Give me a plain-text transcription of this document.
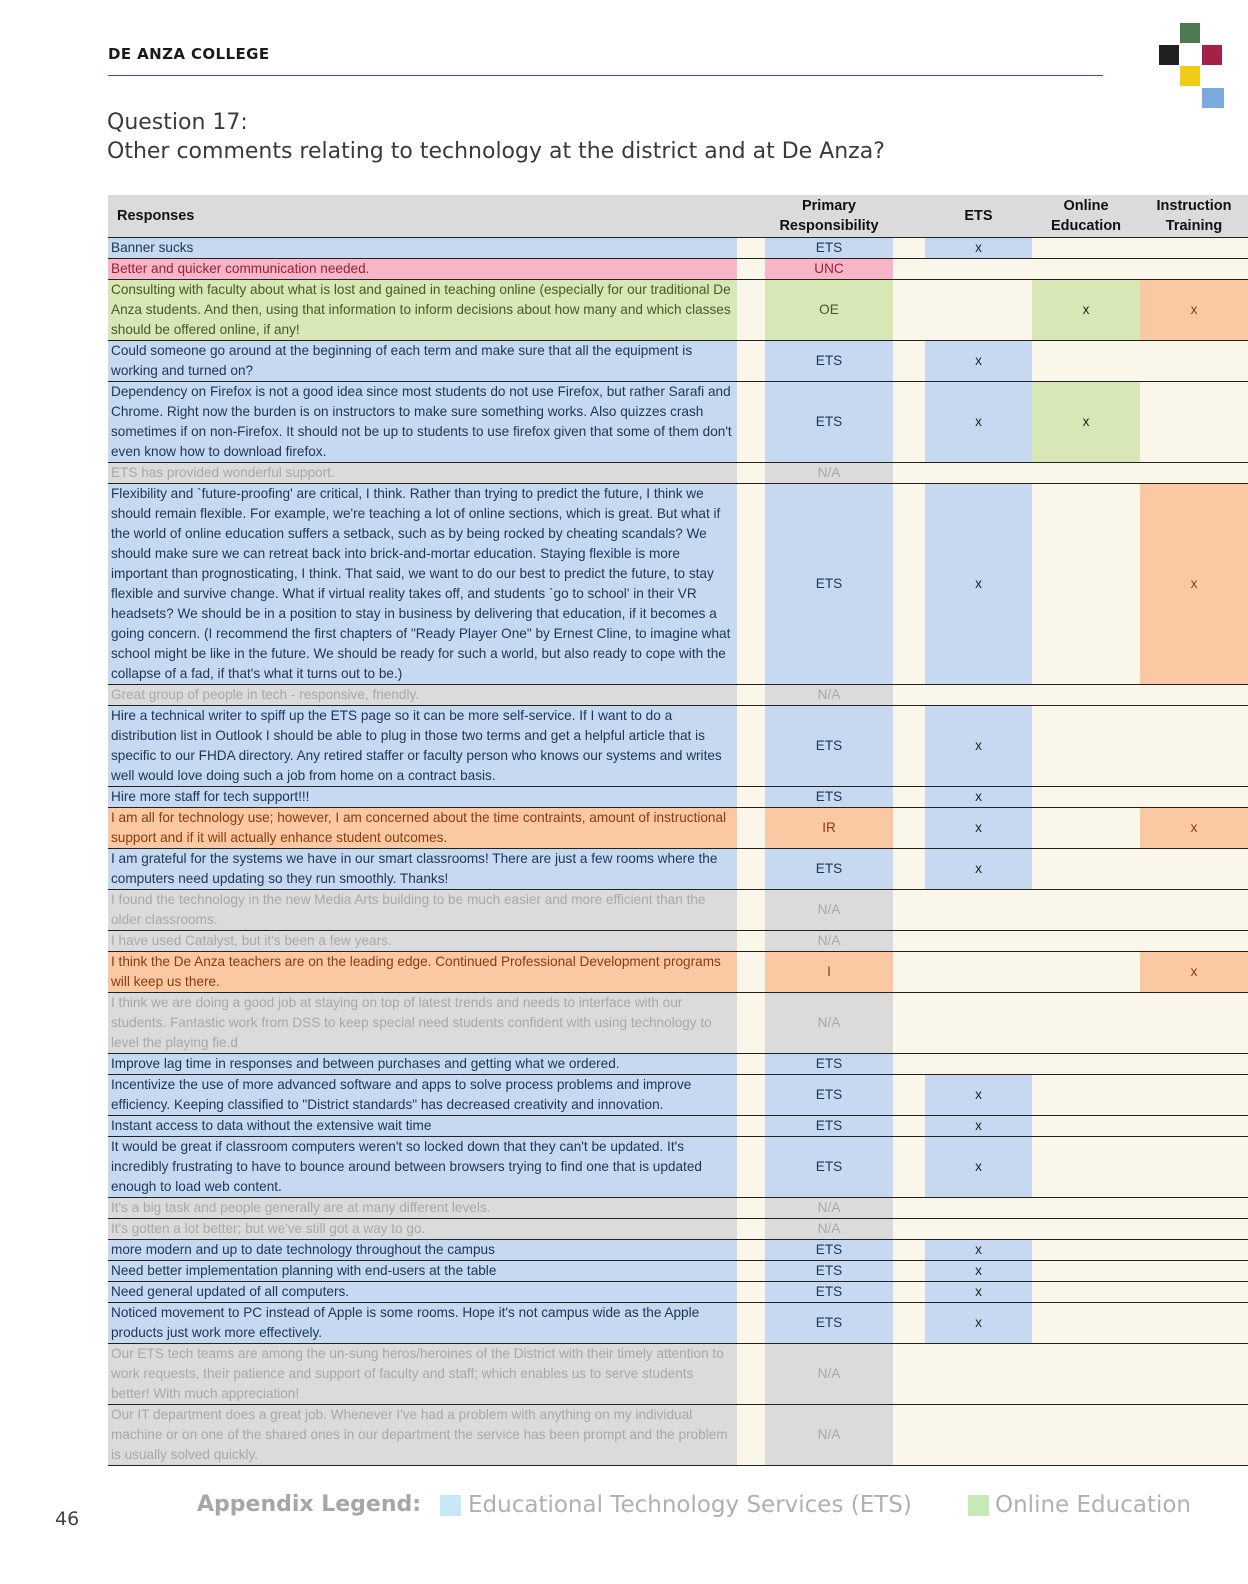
DE ANZA COLLEGE
Question 17:
Other comments relating to technology at the district and at De Anza?
Responses		Primary Responsibility		ETS	Online Education	Instruction Training
Banner sucks		ETS		x		
Better and quicker communication needed.		UNC				
Consulting with faculty about what is lost and gained in teaching online (especially for our traditional De Anza students. And then, using that information to inform decisions about how many and which classes should be offered online, if any!		OE			x	x
Could someone go around at the beginning of each term and make sure that all the equipment is working and turned on?		ETS		x		
Dependency on Firefox is not a good idea since most students do not use Firefox, but rather Sarafi and Chrome. Right now the burden is on instructors to make sure something works. Also quizzes crash sometimes if on non-Firefox. It should not be up to students to use firefox given that some of them don't even know how to download firefox.		ETS		x	x	
ETS has provided wonderful support.		N/A				
Flexibility and `future-proofing' are critical, I think. Rather than trying to predict the future, I think we should remain flexible. For example, we're teaching a lot of online sections, which is great. But what if the world of online education suffers a setback, such as by being rocked by cheating scandals? We should make sure we can retreat back into brick-and-mortar education. Staying flexible is more important than prognosticating, I think. That said, we want to do our best to predict the future, to stay flexible and survive change. What if virtual reality takes off, and students `go to school' in their VR headsets? We should be in a position to stay in business by delivering that education, if it becomes a going concern. (I recommend the first chapters of "Ready Player One" by Ernest Cline, to imagine what school might be like in the future. We should be ready for such a world, but also ready to cope with the collapse of a fad, if that's what it turns out to be.)		ETS		x		x
Great group of people in tech - responsive, friendly.		N/A				
Hire a technical writer to spiff up the ETS page so it can be more self-service. If I want to do a distribution list in Outlook I should be able to plug in those two terms and get a helpful article that is specific to our FHDA directory. Any retired staffer or faculty person who knows our systems and writes well would love doing such a job from home on a contract basis.		ETS		x		
Hire more staff for tech support!!!		ETS		x		
I am all for technology use; however, I am concerned about the time contraints, amount of instructional support and if it will actually enhance student outcomes.		IR		x		x
I am grateful for the systems we have in our smart classrooms! There are just a few rooms where the computers need updating so they run smoothly. Thanks!		ETS		x		
I found the technology in the new Media Arts building to be much easier and more efficient than the older classrooms.		N/A				
I have used Catalyst, but it's been a few years.		N/A				
I think the De Anza teachers are on the leading edge. Continued Professional Development programs will keep us there.		I				x
I think we are doing a good job at staying on top of latest trends and needs to interface with our students. Fantastic work from DSS to keep special need students confident with using technology to level the playing fie.d		N/A				
Improve lag time in responses and between purchases and getting what we ordered.		ETS				
Incentivize the use of more advanced software and apps to solve process problems and improve efficiency. Keeping classified to "District standards" has decreased creativity and innovation.		ETS		x		
Instant access to data without the extensive wait time		ETS		x		
It would be great if classroom computers weren't so locked down that they can't be updated. It's incredibly frustrating to have to bounce around between browsers trying to find one that is updated enough to load web content.		ETS		x		
It's a big task and people generally are at many different levels.		N/A				
It's gotten a lot better; but we've still got a way to go.		N/A				
more modern and up to date technology throughout the campus		ETS		x		
Need better implementation planning with end-users at the table		ETS		x		
Need general updated of all computers.		ETS		x		
Noticed movement to PC instead of Apple is some rooms. Hope it's not campus wide as the Apple products just work more effectively.		ETS		x		
Our ETS tech teams are among the un-sung heros/heroines of the District with their timely attention to work requests, their patience and support of faculty and staff; which enables us to serve students better! With much appreciation!		N/A				
Our IT department does a great job. Whenever I've had a problem with anything on my individual machine or on one of the shared ones in our department the service has been prompt and the problem is usually solved quickly.		N/A				
Appendix Legend: Educational Technology Services (ETS)	Online Education
46
